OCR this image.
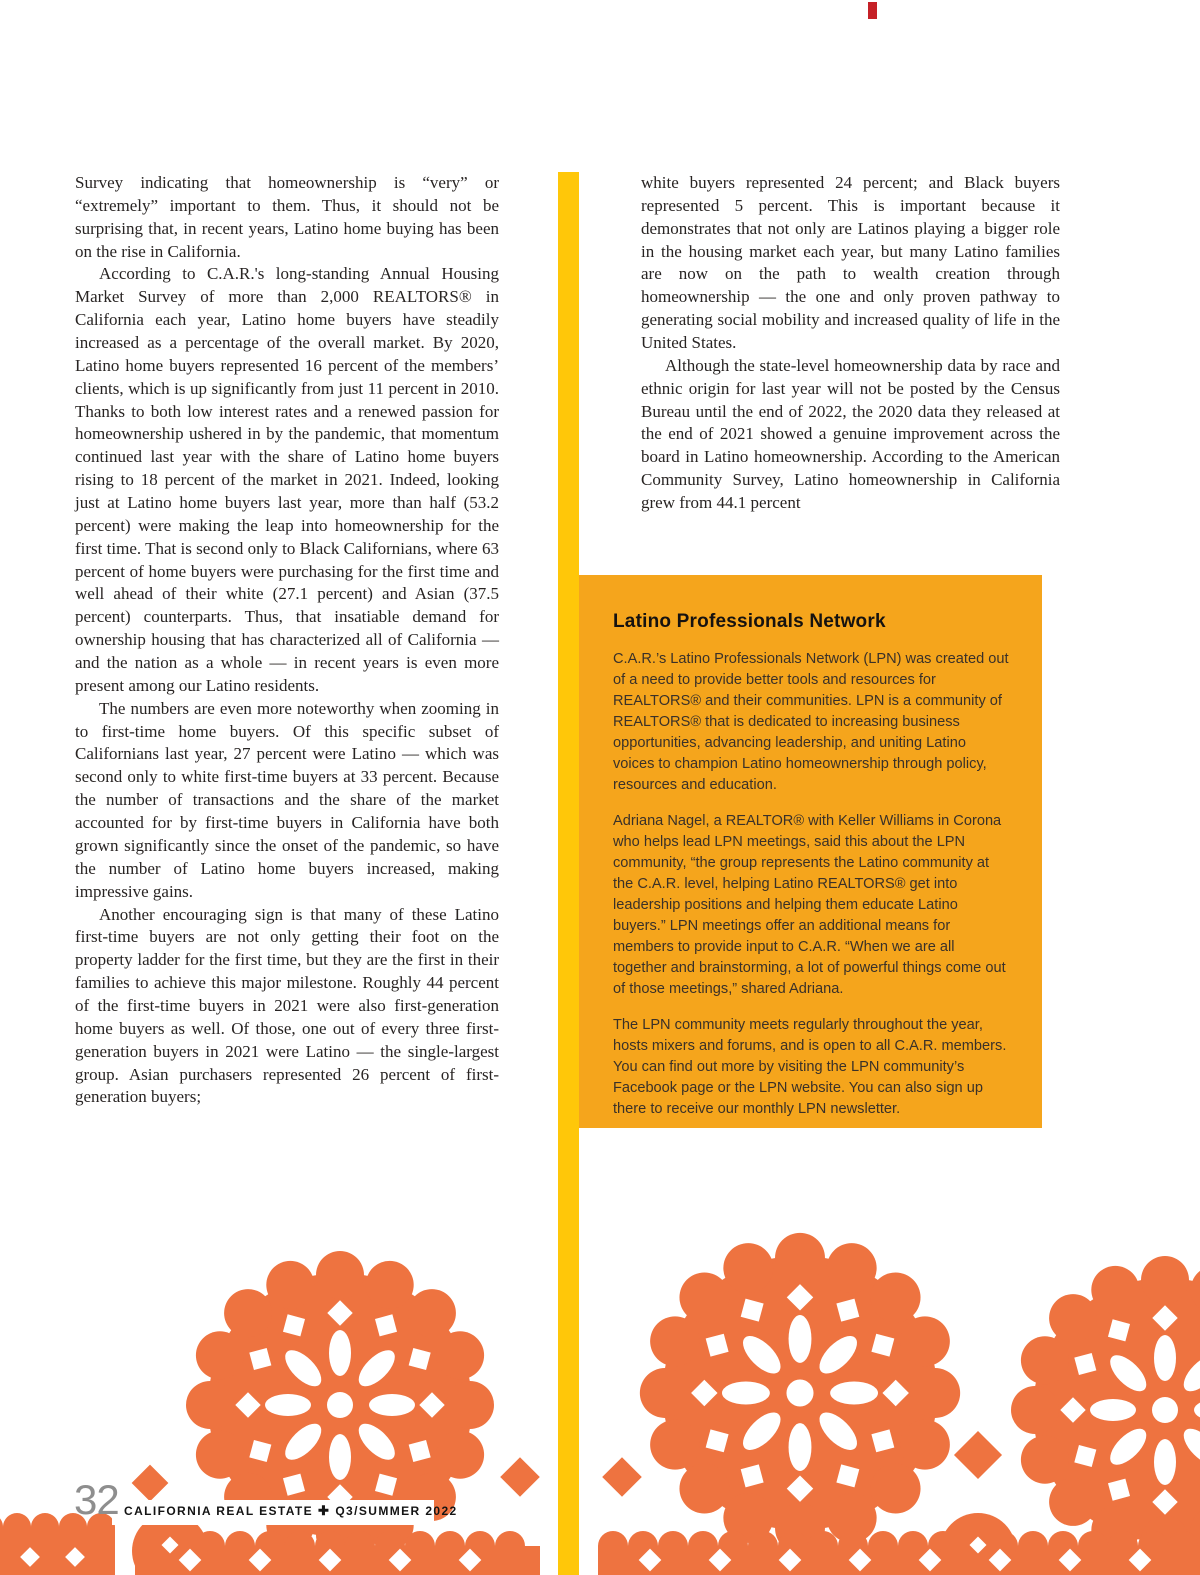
Survey indicating that homeownership is “very” or “extremely” important to them. Thus, it should not be surprising that, in recent years, Latino home buying has been on the rise in California.

According to C.A.R.'s long-standing Annual Housing Market Survey of more than 2,000 REALTORS® in California each year, Latino home buyers have steadily increased as a percentage of the overall market. By 2020, Latino home buyers represented 16 percent of the members’ clients, which is up significantly from just 11 percent in 2010. Thanks to both low interest rates and a renewed passion for homeownership ushered in by the pandemic, that momentum continued last year with the share of Latino home buyers rising to 18 percent of the market in 2021. Indeed, looking just at Latino home buyers last year, more than half (53.2 percent) were making the leap into homeownership for the first time. That is second only to Black Californians, where 63 percent of home buyers were purchasing for the first time and well ahead of their white (27.1 percent) and Asian (37.5 percent) counterparts. Thus, that insatiable demand for ownership housing that has characterized all of California — and the nation as a whole — in recent years is even more present among our Latino residents.

The numbers are even more noteworthy when zooming in to first-time home buyers. Of this specific subset of Californians last year, 27 percent were Latino — which was second only to white first-time buyers at 33 percent. Because the number of transactions and the share of the market accounted for by first-time buyers in California have both grown significantly since the onset of the pandemic, so have the number of Latino home buyers increased, making impressive gains.

Another encouraging sign is that many of these Latino first-time buyers are not only getting their foot on the property ladder for the first time, but they are the first in their families to achieve this major milestone. Roughly 44 percent of the first-time buyers in 2021 were also first-generation home buyers as well. Of those, one out of every three first-generation buyers in 2021 were Latino — the single-largest group. Asian purchasers represented 26 percent of first-generation buyers;

white buyers represented 24 percent; and Black buyers represented 5 percent. This is important because it demonstrates that not only are Latinos playing a bigger role in the housing market each year, but many Latino families are now on the path to wealth creation through homeownership — the one and only proven pathway to generating social mobility and increased quality of life in the United States.

Although the state-level homeownership data by race and ethnic origin for last year will not be posted by the Census Bureau until the end of 2022, the 2020 data they released at the end of 2021 showed a genuine improvement across the board in Latino homeownership. According to the American Community Survey, Latino homeownership in California grew from 44.1 percent

Latino Professionals Network

C.A.R.’s Latino Professionals Network (LPN) was created out of a need to provide better tools and resources for REALTORS® and their communities. LPN is a community of REALTORS® that is dedicated to increasing business opportunities, advancing leadership, and uniting Latino voices to champion Latino homeownership through policy, resources and education.

Adriana Nagel, a REALTOR® with Keller Williams in Corona who helps lead LPN meetings, said this about the LPN community, “the group represents the Latino community at the C.A.R. level, helping Latino REALTORS® get into leadership positions and helping them educate Latino buyers.” LPN meetings offer an additional means for members to provide input to C.A.R. “When we are all together and brainstorming, a lot of powerful things come out of those meetings,” shared Adriana.

The LPN community meets regularly throughout the year, hosts mixers and forums, and is open to all C.A.R. members. You can find out more by visiting the LPN community’s Facebook page or the LPN website. You can also sign up there to receive our monthly LPN newsletter.

32 CALIFORNIA REAL ESTATE ✚ Q3/SUMMER 2022
